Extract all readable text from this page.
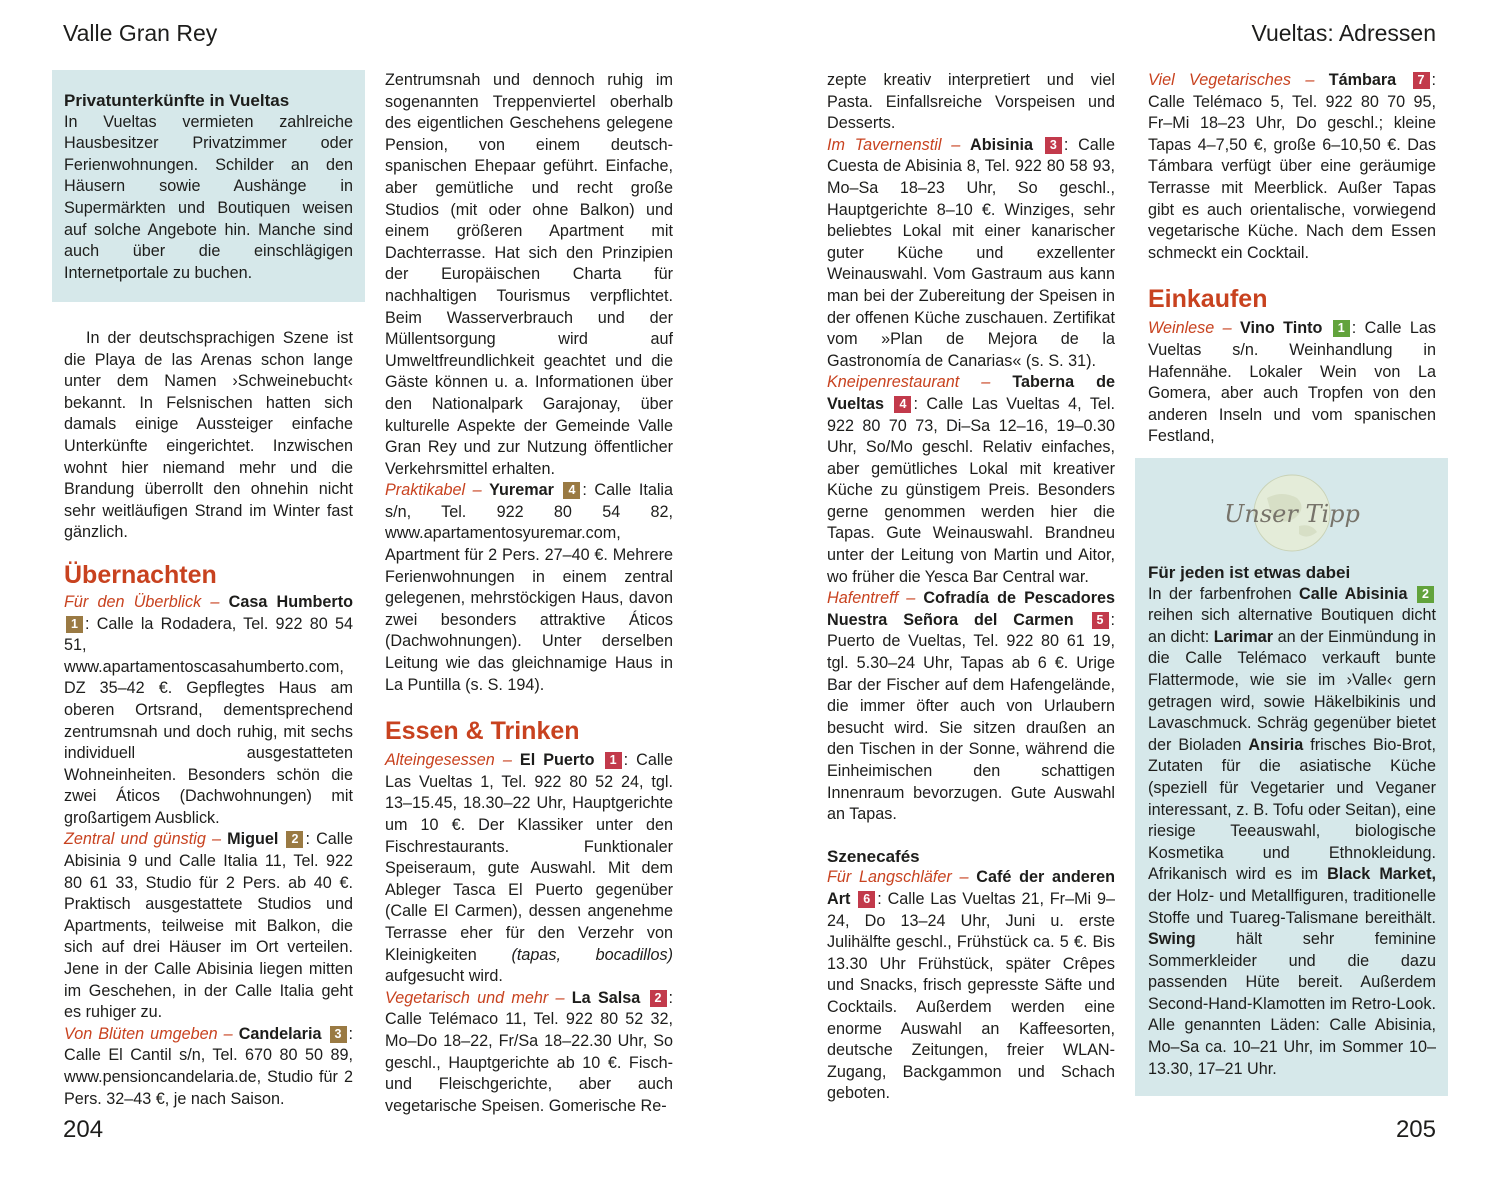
Valle Gran Rey
204
Privatunterkünfte in Vueltas

In Vueltas vermieten zahlreiche Hausbesitzer Privatzimmer oder Ferienwohnungen. Schilder an den Häusern sowie Aushänge in Supermärkten und Boutiquen weisen auf solche Angebote hin. Manche sind auch über die einschlägigen Internetportale zu buchen.

In der deutschsprachigen Szene ist die Playa de las Arenas schon lange unter dem Namen ›Schweinebucht‹ bekannt. In Felsnischen hatten sich damals einige Aussteiger einfache Unterkünfte eingerichtet. Inzwischen wohnt hier niemand mehr und die Brandung überrollt den ohnehin nicht sehr weitläufigen Strand im Winter fast gänzlich.

Übernachten

Für den Überblick – Casa Humberto 1 : Calle la Rodadera, Tel. 922 80 54 51, www.apartamentoscasahumberto.com, DZ 35–42 €. Gepflegtes Haus am oberen Ortsrand, dementsprechend zentrumsnah und doch ruhig, mit sechs individuell ausgestatteten Wohneinheiten. Besonders schön die zwei Áticos (Dachwohnungen) mit großartigem Ausblick.

Zentral und günstig – Miguel 2 : Calle Abisinia 9 und Calle Italia 11, Tel. 922 80 61 33, Studio für 2 Pers. ab 40 €. Praktisch ausgestattete Studios und Apartments, teilweise mit Balkon, die sich auf drei Häuser im Ort verteilen. Jene in der Calle Abisinia liegen mitten im Geschehen, in der Calle Italia geht es ruhiger zu.

Von Blüten umgeben – Candelaria 3 : Calle El Cantil s/n, Tel. 670 80 50 89, www.pensioncandelaria.de, Studio für 2 Pers. 32–43 €, je nach Saison.

Zentrumsnah und dennoch ruhig im sogenannten Treppenviertel oberhalb des eigentlichen Geschehens gelegene Pension, von einem deutsch-spanischen Ehepaar geführt. Einfache, aber gemütliche und recht große Studios (mit oder ohne Balkon) und einem größeren Apartment mit Dachterrasse. Hat sich den Prinzipien der Europäischen Charta für nachhaltigen Tourismus verpflichtet. Beim Wasserverbrauch und der Müllentsorgung wird auf Umweltfreundlichkeit geachtet und die Gäste können u. a. Informationen über den Nationalpark Garajonay, über kulturelle Aspekte der Gemeinde Valle Gran Rey und zur Nutzung öffentlicher Verkehrsmittel erhalten.

Praktikabel – Yuremar 4 : Calle Italia s/n, Tel. 922 80 54 82, www.apartamentosyuremar.com, Apartment für 2 Pers. 27–40 €. Mehrere Ferienwohnungen in einem zentral gelegenen, mehrstöckigen Haus, davon zwei besonders attraktive Áticos (Dachwohnungen). Unter derselben Leitung wie das gleichnamige Haus in La Puntilla (s. S. 194).

Essen & Trinken

Alteingesessen – El Puerto 1 : Calle Las Vueltas 1, Tel. 922 80 52 24, tgl. 13–15.45, 18.30–22 Uhr, Hauptgerichte um 10 €. Der Klassiker unter den Fischrestaurants. Funktionaler Speiseraum, gute Auswahl. Mit dem Ableger Tasca El Puerto gegenüber (Calle El Carmen), dessen angenehme Terrasse eher für den Verzehr von Kleinigkeiten (tapas, bocadillos) aufgesucht wird.

Vegetarisch und mehr – La Salsa 2 : Calle Telémaco 11, Tel. 922 80 52 32, Mo–Do 18–22, Fr/Sa 18–22.30 Uhr, So geschl., Hauptgerichte ab 10 €. Fisch- und Fleischgerichte, aber auch vegetarische Speisen. Gomerische Re-

Vueltas: Adressen
205

zepte kreativ interpretiert und viel Pasta. Einfallsreiche Vorspeisen und Desserts.

Im Tavernenstil – Abisinia 3 : Calle Cuesta de Abisinia 8, Tel. 922 80 58 93, Mo–Sa 18–23 Uhr, So geschl., Hauptgerichte 8–10 €. Winziges, sehr beliebtes Lokal mit einer kanarischer guter Küche und exzellenter Weinauswahl. Vom Gastraum aus kann man bei der Zubereitung der Speisen in der offenen Küche zuschauen. Zertifikat vom »Plan de Mejora de la Gastronomía de Canarias« (s. S. 31).

Kneipenrestaurant – Taberna de Vueltas 4 : Calle Las Vueltas 4, Tel. 922 80 70 73, Di–Sa 12–16, 19–0.30 Uhr, So/Mo geschl. Relativ einfaches, aber gemütliches Lokal mit kreativer Küche zu günstigem Preis. Besonders gerne genommen werden hier die Tapas. Gute Weinauswahl. Brandneu unter der Leitung von Martin und Aitor, wo früher die Yesca Bar Central war.

Hafentreff – Cofradía de Pescadores Nuestra Señora del Carmen 5 : Puerto de Vueltas, Tel. 922 80 61 19, tgl. 5.30–24 Uhr, Tapas ab 6 €. Urige Bar der Fischer auf dem Hafengelände, die immer öfter auch von Urlaubern besucht wird. Sie sitzen draußen an den Tischen in der Sonne, während die Einheimischen den schattigen Innenraum bevorzugen. Gute Auswahl an Tapas.

Szenecafés

Für Langschläfer – Café der anderen Art 6 : Calle Las Vueltas 21, Fr–Mi 9–24, Do 13–24 Uhr, Juni u. erste Julihälfte geschl., Frühstück ca. 5 €. Bis 13.30 Uhr Frühstück, später Crêpes und Snacks, frisch gepresste Säfte und Cocktails. Außerdem werden eine enorme Auswahl an Kaffeesorten, deutsche Zeitungen, freier WLAN-Zugang, Backgammon und Schach geboten.

Viel Vegetarisches – Támbara 7 : Calle Telémaco 5, Tel. 922 80 70 95, Fr–Mi 18–23 Uhr, Do geschl.; kleine Tapas 4–7,50 €, große 6–10,50 €. Das Támbara verfügt über eine geräumige Terrasse mit Meerblick. Außer Tapas gibt es auch orientalische, vorwiegend vegetarische Küche. Nach dem Essen schmeckt ein Cocktail.

Einkaufen

Weinlese – Vino Tinto 1 : Calle Las Vueltas s/n. Weinhandlung in Hafennähe. Lokaler Wein von La Gomera, aber auch Tropfen von den anderen Inseln und vom spanischen Festland,

Unser Tipp
Für jeden ist etwas dabei

In der farbenfrohen Calle Abisinia 2 reihen sich alternative Boutiquen dicht an dicht: Larimar an der Einmündung in die Calle Telémaco verkauft bunte Flattermode, wie sie im ›Valle‹ gern getragen wird, sowie Häkelbikinis und Lavaschmuck. Schräg gegenüber bietet der Bioladen Ansiria frisches Bio-Brot, Zutaten für die asiatische Küche (speziell für Vegetarier und Veganer interessant, z. B. Tofu oder Seitan), eine riesige Teeauswahl, biologische Kosmetika und Ethnokleidung. Afrikanisch wird es im Black Market, der Holz- und Metallfiguren, traditionelle Stoffe und Tuareg-Talismane bereithält. Swing hält sehr feminine Sommerkleider und die dazu passenden Hüte bereit. Außerdem Second-Hand-Klamotten im Retro-Look. Alle genannten Läden: Calle Abisinia, Mo–Sa ca. 10–21 Uhr, im Sommer 10–13.30, 17–21 Uhr.
